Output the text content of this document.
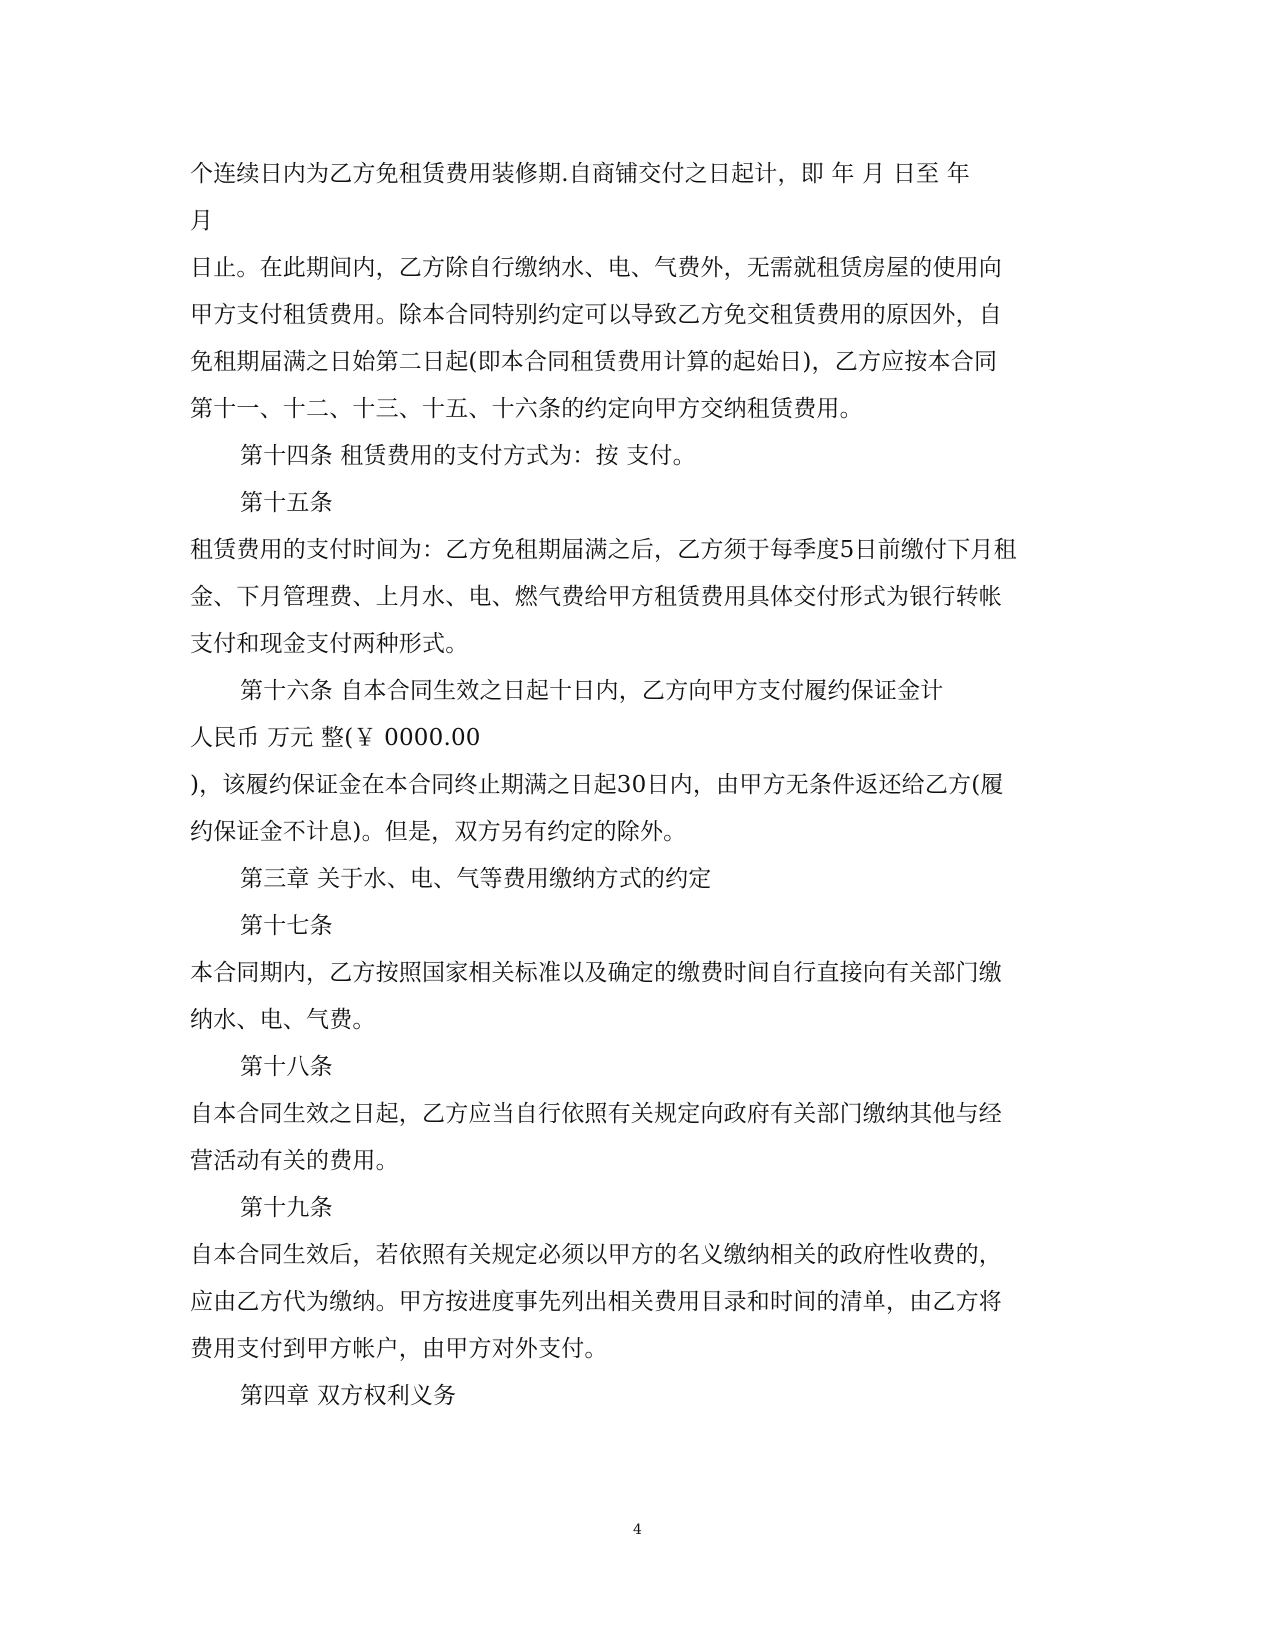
个连续日内为乙方免租赁费用装修期.自商铺交付之日起计，即 年 月 日至 年
月
日止。在此期间内，乙方除自行缴纳水、电、气费外，无需就租赁房屋的使用向
甲方支付租赁费用。除本合同特别约定可以导致乙方免交租赁费用的原因外，自
免租期届满之日始第二日起(即本合同租赁费用计算的起始日)，乙方应按本合同
第十一、十二、十三、十五、十六条的约定向甲方交纳租赁费用。
第十四条 租赁费用的支付方式为：按 支付。
第十五条
租赁费用的支付时间为：乙方免租期届满之后，乙方须于每季度5日前缴付下月租
金、下月管理费、上月水、电、燃气费给甲方租赁费用具体交付形式为银行转帐
支付和现金支付两种形式。
第十六条 自本合同生效之日起十日内，乙方向甲方支付履约保证金计
人民币 万元 整(￥ 0000.00
)，该履约保证金在本合同终止期满之日起30日内，由甲方无条件返还给乙方(履
约保证金不计息)。但是，双方另有约定的除外。
第三章 关于水、电、气等费用缴纳方式的约定
第十七条
本合同期内，乙方按照国家相关标准以及确定的缴费时间自行直接向有关部门缴
纳水、电、气费。
第十八条
自本合同生效之日起，乙方应当自行依照有关规定向政府有关部门缴纳其他与经
营活动有关的费用。
第十九条
自本合同生效后，若依照有关规定必须以甲方的名义缴纳相关的政府性收费的，
应由乙方代为缴纳。甲方按进度事先列出相关费用目录和时间的清单，由乙方将
费用支付到甲方帐户，由甲方对外支付。
第四章 双方权利义务
4
